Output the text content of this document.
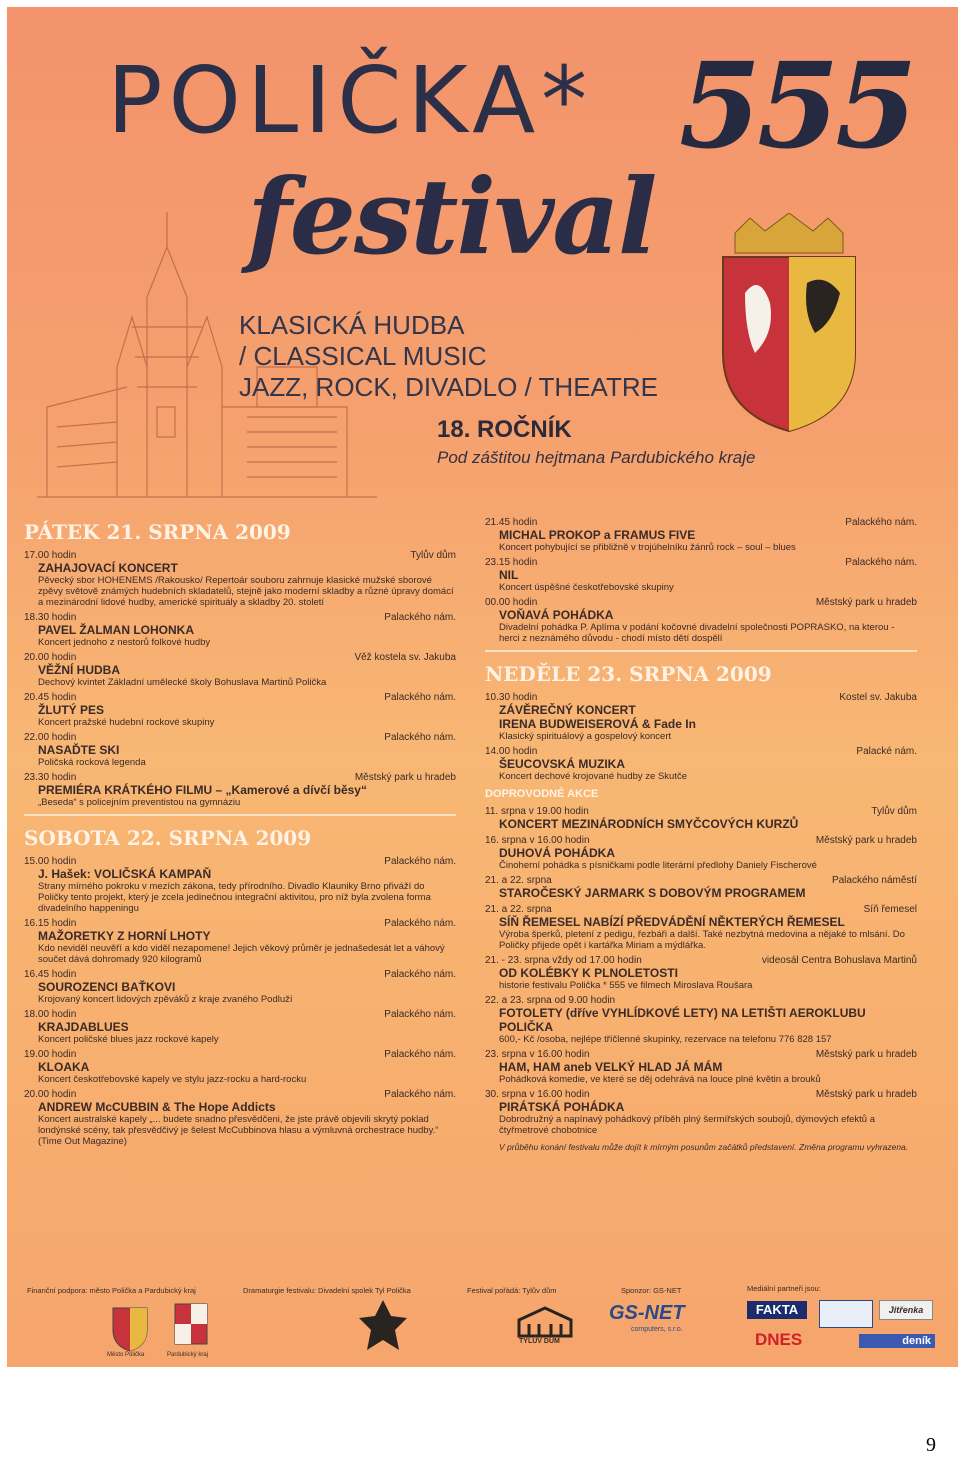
POLIČKA* 555
festival
KLASICKÁ HUDBA
/ CLASSICAL MUSIC
JAZZ, ROCK, DIVADLO / THEATRE
18. ROČNÍK
Pod záštitou hejtmana Pardubického kraje
PÁTEK 21. SRPNA 2009
17.00 hodin	Tylův dům
ZAHAJOVACÍ KONCERT
Pěvecký sbor HOHENEMS /Rakousko/ Repertoár souboru zahrnuje klasické mužské sborové zpěvy světově známých hudebních skladatelů, stejně jako moderní skladby a různé úpravy domácí a mezinárodní lidové hudby, americké spirituály a skladby 20. století
18.30 hodin	Palackého nám.
PAVEL ŽALMAN LOHONKA
Koncert jednoho z nestorů folkové hudby
20.00 hodin	Věž kostela sv. Jakuba
VĚŽNÍ HUDBA
Dechový kvintet Základní umělecké školy Bohuslava Martinů Polička
20.45 hodin	Palackého nám.
ŽLUTÝ PES
Koncert pražské hudební rockové skupiny
22.00 hodin	Palackého nám.
NASAĎTE SKI
Poličská rocková legenda
23.30 hodin	Městský park u hradeb
PREMIÉRA KRÁTKÉHO FILMU – „Kamerové a dívčí běsy“
„Beseda“ s policejním preventistou na gymnáziu
SOBOTA 22. SRPNA 2009
15.00 hodin	Palackého nám.
J. Hašek: VOLIČSKÁ KAMPAŇ
Strany mírného pokroku v mezích zákona, tedy přírodního. Divadlo Klauniky Brno přiváží do Poličky tento projekt, který je zcela jedinečnou integrační aktivitou, pro níž byla zvolena forma divadelního happeningu
16.15 hodin	Palackého nám.
MAŽORETKY Z HORNÍ LHOTY
Kdo neviděl neuvěří a kdo viděl nezapomene! Jejich věkový průměr je jednašedesát let a váhový součet dává dohromady 920 kilogramů
16.45 hodin	Palackého nám.
SOUROZENCI BAŤKOVI
Krojovaný koncert lidových zpěváků z kraje zvaného Podluží
18.00 hodin	Palackého nám.
KRAJDABLUES
Koncert poličské blues jazz rockové kapely
19.00 hodin	Palackého nám.
KLOAKA
Koncert českotřebovské kapely ve stylu jazz-rocku a hard-rocku
20.00 hodin	Palackého nám.
ANDREW McCUBBIN & The Hope Addicts
Koncert australské kapely „... budete snadno přesvědčeni, že jste právě objevili skrytý poklad londýnské scény, tak přesvědčivý je šelest McCubbinova hlasu a výmluvná orchestrace hudby.“ (Time Out Magazine)
21.45 hodin	Palackého nám.
MICHAL PROKOP a FRAMUS FIVE
Koncert pohybující se přibližně v trojúhelníku žánrů rock – soul – blues
23.15 hodin	Palackého nám.
NIL
Koncert úspěšné českotřebovské skupiny
00.00 hodin	Městský park u hradeb
VOŇAVÁ POHÁDKA
Divadelní pohádka P. Aplíma v podání kočovné divadelní společnosti POPRASKO, na kterou - herci z neznámého důvodu - chodí místo dětí dospělí
NEDĚLE 23. SRPNA 2009
10.30 hodin	Kostel sv. Jakuba
ZÁVĚREČNÝ KONCERT
IRENA BUDWEISEROVÁ & Fade In
Klasický spirituálový a gospelový koncert
14.00 hodin	Palacké nám.
ŠEUCOVSKÁ MUZIKA
Koncert dechové krojované hudby ze Skutče
DOPROVODNÉ AKCE
11. srpna v 19.00 hodin	Tylův dům
KONCERT MEZINÁRODNÍCH SMYČCOVÝCH KURZŮ
16. srpna v 16.00 hodin	Městský park u hradeb
DUHOVÁ POHÁDKA
Činoherní pohádka s písničkami podle literární předlohy Daniely Fischerové
21. a 22. srpna	Palackého náměstí
STAROČESKÝ JARMARK S DOBOVÝM PROGRAMEM
21. a 22. srpna	Síň řemesel
SÍŇ ŘEMESEL NABÍZÍ PŘEDVÁDĚNÍ NĚKTERÝCH ŘEMESEL
Výroba šperků, pletení z pedigu, řezbáři a další. Také nezbytná medovina a nějaké to mlsání. Do Poličky přijede opět i kartářka Miriam a mýdlářka.
21. - 23. srpna vždy od 17.00 hodin	videosál Centra Bohuslava Martinů
OD KOLÉBKY K PLNOLETOSTI
historie festivalu Polička * 555 ve filmech Miroslava Roušara
22. a 23. srpna od 9.00 hodin
FOTOLETY (dříve VYHLÍDKOVÉ LETY) NA LETIŠTI AEROKLUBU POLIČKA
600,- Kč /osoba, nejlépe tříčlenné skupinky, rezervace na telefonu 776 828 157
23. srpna v 16.00 hodin	Městský park u hradeb
HAM, HAM aneb VELKÝ HLAD JÁ MÁM
Pohádková komedie, ve které se děj odehrává na louce plné květin a brouků
30. srpna v 16.00 hodin	Městský park u hradeb
PIRÁTSKÁ POHÁDKA
Dobrodružný a napínavý pohádkový příběh plný šermířských soubojů, dýmových efektů a čtyřmetrové chobotnice
V průběhu konání festivalu může dojít k mírným posunům začátků představení. Změna programu vyhrazena.
Finanční podpora: město Polička a Pardubický kraj	Dramaturgie festivalu: Divadelní spolek Tyl Polička	Festival pořádá: Tylův dům	Sponzor: GS-NET	Mediální partneři jsou:
Město Polička	Pardubický kraj
TYLŮV DŮM
GS-NET
computers, s.r.o.
FAKTA	Jitřenka
DNES	deník
9
